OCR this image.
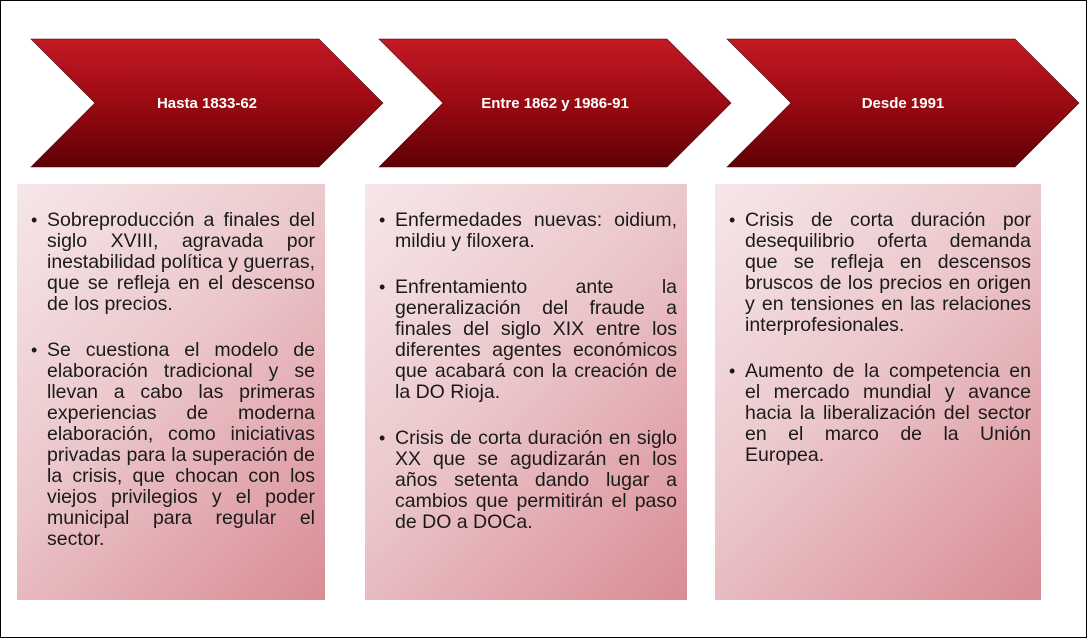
Hasta 1833-62	Entre 1862 y 1986-91	Desde 1991
• Sobreproducción a finales del siglo XVIII, agravada por inestabilidad política y guerras, que se refleja en el descenso de los precios.
• Se cuestiona el modelo de elaboración tradicional y se llevan a cabo las primeras experiencias de moderna elaboración, como iniciativas privadas para la superación de la crisis, que chocan con los viejos privilegios y el poder municipal para regular el sector.
• Enfermedades nuevas: oidium, mildiu y filoxera.
• Enfrentamiento ante la generalización del fraude a finales del siglo XIX entre los diferentes agentes económicos que acabará con la creación de la DO Rioja.
• Crisis de corta duración en siglo XX que se agudizarán en los años setenta dando lugar a cambios que permitirán el paso de DO a DOCa.
• Crisis de corta duración por desequilibrio oferta demanda que se refleja en descensos bruscos de los precios en origen y en tensiones en las relaciones interprofesionales.
• Aumento de la competencia en el mercado mundial y avance hacia la liberalización del sector en el marco de la Unión Europea.
